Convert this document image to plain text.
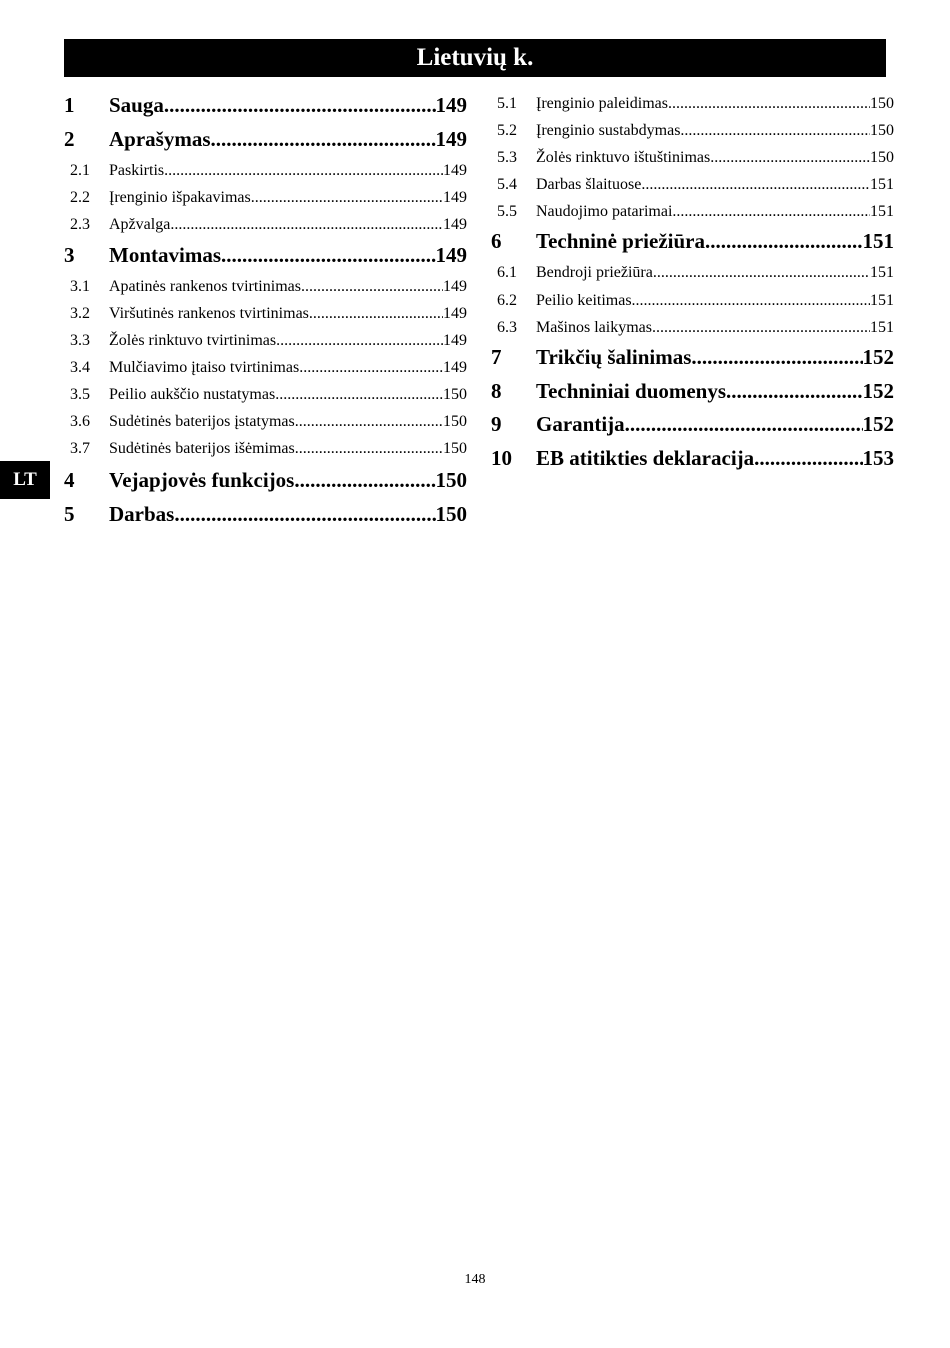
Lietuvių k.
LT
1	Sauga .....	149
2	Aprašymas .....	149
2.1	Paskirtis .....	149
2.2	Įrenginio išpakavimas .....	149
2.3	Apžvalga .....	149
3	Montavimas .....	149
3.1	Apatinės rankenos tvirtinimas .....	149
3.2	Viršutinės rankenos tvirtinimas .....	149
3.3	Žolės rinktuvo tvirtinimas .....	149
3.4	Mulčiavimo įtaiso tvirtinimas .....	149
3.5	Peilio aukščio nustatymas .....	150
3.6	Sudėtinės baterijos įstatymas .....	150
3.7	Sudėtinės baterijos išėmimas .....	150
4	Vejapjovės funkcijos .....	150
5	Darbas .....	150
5.1	Įrenginio paleidimas .....	150
5.2	Įrenginio sustabdymas .....	150
5.3	Žolės rinktuvo ištuštinimas .....	150
5.4	Darbas šlaituose .....	151
5.5	Naudojimo patarimai .....	151
6	Techninė priežiūra .....	151
6.1	Bendroji priežiūra .....	151
6.2	Peilio keitimas .....	151
6.3	Mašinos laikymas .....	151
7	Trikčių šalinimas .....	152
8	Techniniai duomenys .....	152
9	Garantija .....	152
10	EB atitikties deklaracija .....	153
148
